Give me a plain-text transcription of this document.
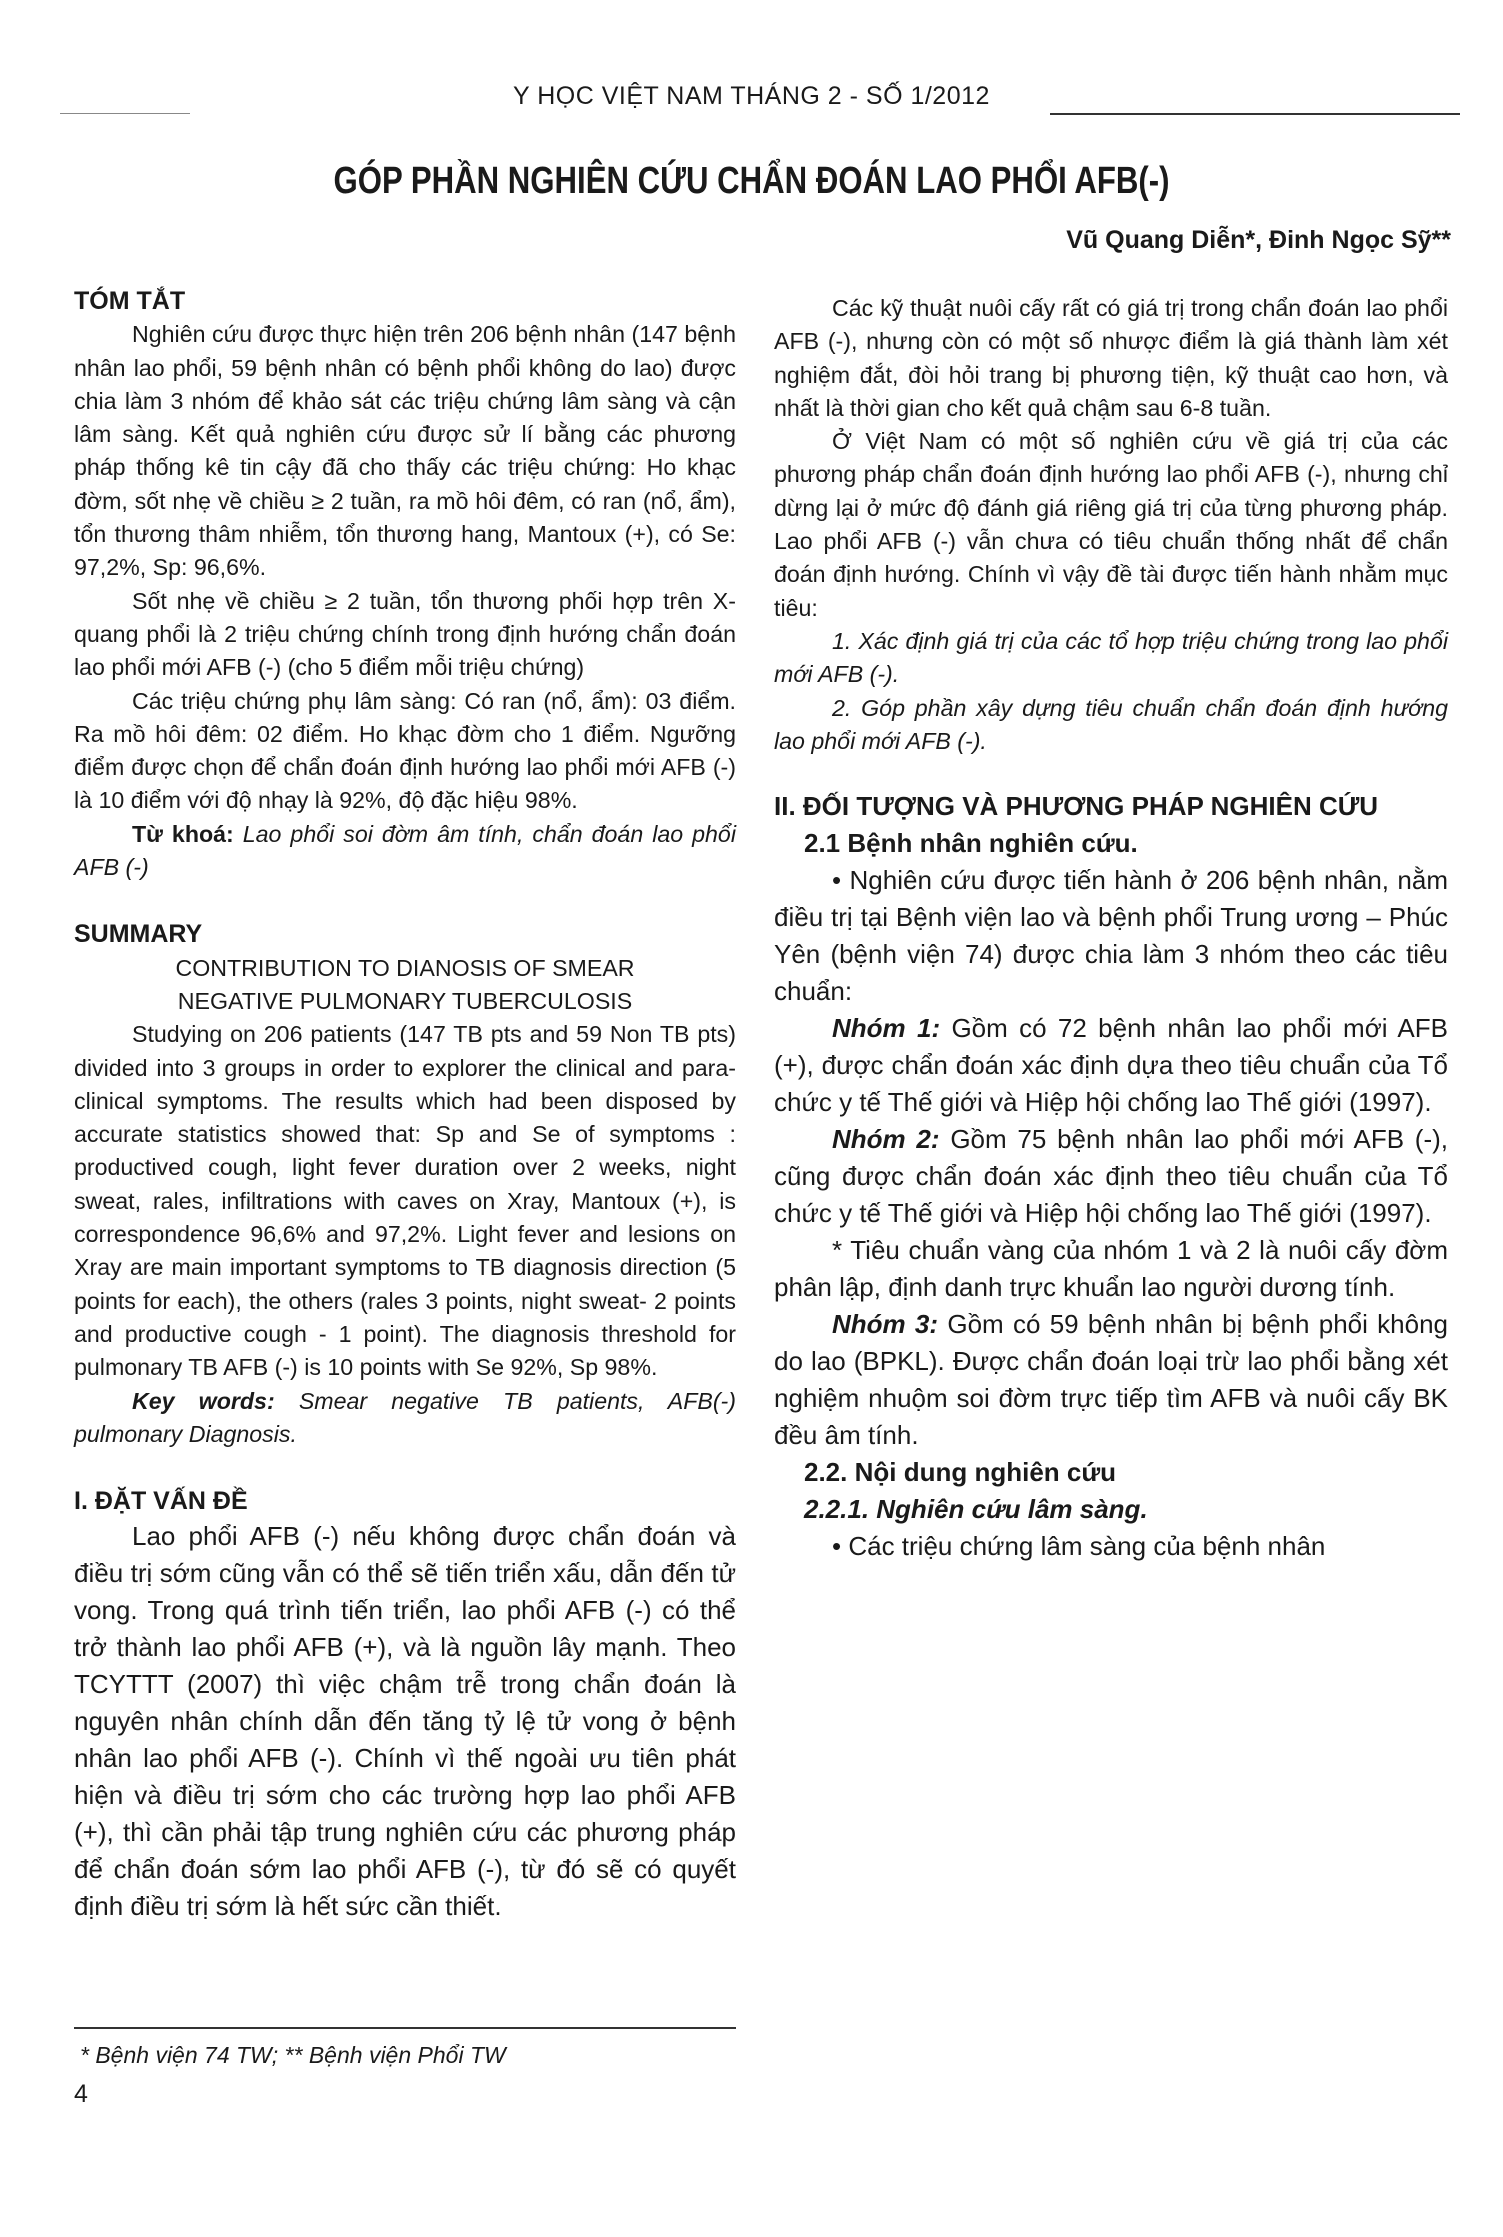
Y HỌC VIỆT NAM THÁNG 2 - SỐ 1/2012
GÓP PHẦN NGHIÊN CỨU CHẨN ĐOÁN LAO PHỔI AFB(-)
Vũ Quang Diễn*, Đinh Ngọc Sỹ**
TÓM TẮT

Nghiên cứu được thực hiện trên 206 bệnh nhân (147 bệnh nhân lao phổi, 59 bệnh nhân có bệnh phổi không do lao) được chia làm 3 nhóm để khảo sát các triệu chứng lâm sàng và cận lâm sàng. Kết quả nghiên cứu được sử lí bằng các phương pháp thống kê tin cậy đã cho thấy các triệu chứng: Ho khạc đờm, sốt nhẹ về chiều ≥ 2 tuần, ra mồ hôi đêm, có ran (nổ, ẩm), tổn thương thâm nhiễm, tổn thương hang, Mantoux (+), có Se: 97,2%, Sp: 96,6%.

Sốt nhẹ về chiều ≥ 2 tuần, tổn thương phối hợp trên X-quang phổi là 2 triệu chứng chính trong định hướng chẩn đoán lao phổi mới AFB (-) (cho 5 điểm mỗi triệu chứng)

Các triệu chứng phụ lâm sàng: Có ran (nổ, ẩm): 03 điểm. Ra mồ hôi đêm: 02 điểm. Ho khạc đờm cho 1 điểm. Ngưỡng điểm được chọn để chẩn đoán định hướng lao phổi mới AFB (-) là 10 điểm với độ nhạy là 92%, độ đặc hiệu 98%.

Từ khoá: Lao phổi soi đờm âm tính, chẩn đoán lao phổi AFB (-)

SUMMARY

CONTRIBUTION TO DIANOSIS OF SMEAR NEGATIVE PULMONARY TUBERCULOSIS

Studying on 206 patients (147 TB pts and 59 Non TB pts) divided into 3 groups in order to explorer the clinical and para-clinical symptoms. The results which had been disposed by accurate statistics showed that: Sp and Se of symptoms : productived cough, light fever duration over 2 weeks, night sweat, rales, infiltrations with caves on Xray, Mantoux (+), is correspondence 96,6% and 97,2%. Light fever and lesions on Xray are main important symptoms to TB diagnosis direction (5 points for each), the others (rales 3 points, night sweat- 2 points and productive cough - 1 point). The diagnosis threshold for pulmonary TB AFB (-) is 10 points with Se 92%, Sp 98%.

Key words: Smear negative TB patients, AFB(-) pulmonary Diagnosis.

I. ĐẶT VẤN ĐỀ

Lao phổi AFB (-) nếu không được chẩn đoán và điều trị sớm cũng vẫn có thể sẽ tiến triển xấu, dẫn đến tử vong. Trong quá trình tiến triển, lao phổi AFB (-) có thể trở thành lao phổi AFB (+), và là nguồn lây mạnh. Theo TCYTTT (2007) thì việc chậm trễ trong chẩn đoán là nguyên nhân chính dẫn đến tăng tỷ lệ tử vong ở bệnh nhân lao phổi AFB (-). Chính vì thế ngoài ưu tiên phát hiện và điều trị sớm cho các trường hợp lao phổi AFB (+), thì cần phải tập trung nghiên cứu các phương pháp để chẩn đoán sớm lao phổi AFB (-), từ đó sẽ có quyết định điều trị sớm là hết sức cần thiết.

Các kỹ thuật nuôi cấy rất có giá trị trong chẩn đoán lao phổi AFB (-), nhưng còn có một số nhược điểm là giá thành làm xét nghiệm đắt, đòi hỏi trang bị phương tiện, kỹ thuật cao hơn, và nhất là thời gian cho kết quả chậm sau 6-8 tuần.

Ở Việt Nam có một số nghiên cứu về giá trị của các phương pháp chẩn đoán định hướng lao phổi AFB (-), nhưng chỉ dừng lại ở mức độ đánh giá riêng giá trị của từng phương pháp. Lao phổi AFB (-) vẫn chưa có tiêu chuẩn thống nhất để chẩn đoán định hướng. Chính vì vậy đề tài được tiến hành nhằm mục tiêu:

1. Xác định giá trị của các tổ hợp triệu chứng trong lao phổi mới AFB (-).

2. Góp phần xây dựng tiêu chuẩn chẩn đoán định hướng lao phổi mới AFB (-).

II. ĐỐI TƯỢNG VÀ PHƯƠNG PHÁP NGHIÊN CỨU
2.1 Bệnh nhân nghiên cứu.

• Nghiên cứu được tiến hành ở 206 bệnh nhân, nằm điều trị tại Bệnh viện lao và bệnh phổi Trung ương – Phúc Yên (bệnh viện 74) được chia làm 3 nhóm theo các tiêu chuẩn:

Nhóm 1: Gồm có 72 bệnh nhân lao phổi mới AFB (+), được chẩn đoán xác định dựa theo tiêu chuẩn của Tổ chức y tế Thế giới và Hiệp hội chống lao Thế giới (1997).

Nhóm 2: Gồm 75 bệnh nhân lao phổi mới AFB (-), cũng được chẩn đoán xác định theo tiêu chuẩn của Tổ chức y tế Thế giới và Hiệp hội chống lao Thế giới (1997).

* Tiêu chuẩn vàng của nhóm 1 và 2 là nuôi cấy đờm phân lập, định danh trực khuẩn lao người dương tính.

Nhóm 3: Gồm có 59 bệnh nhân bị bệnh phổi không do lao (BPKL). Được chẩn đoán loại trừ lao phổi bằng xét nghiệm nhuộm soi đờm trực tiếp tìm AFB và nuôi cấy BK đều âm tính.

2.2. Nội dung nghiên cứu
2.2.1. Nghiên cứu lâm sàng.

• Các triệu chứng lâm sàng của bệnh nhân

* Bệnh viện 74 TW; ** Bệnh viện Phổi TW
4
